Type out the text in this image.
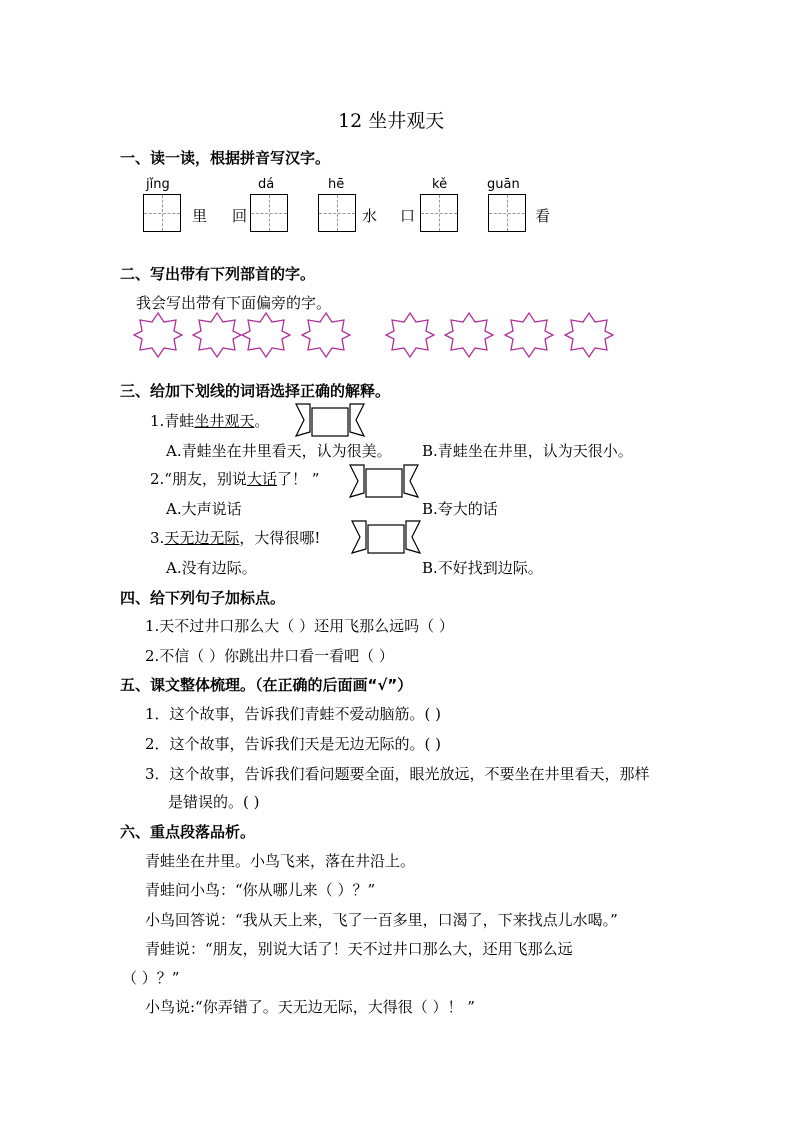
12 坐井观天
一、读一读，根据拼音写汉字。
jǐng
里 回
dá	hē
水 口
kě	guān
看
二、写出带有下列部首的字。
我会写出带有下面偏旁的字。
三、给加下划线的词语选择正确的解释。
1.青蛙坐井观天。
A.青蛙坐在井里看天，认为很美。 B.青蛙坐在井里，认为天很小。
2.“朋友，别说大话了！ ”
A.大声说话	B.夸大的话
3.天无边无际，大得很哪!
A.没有边际。	B.不好找到边际。
四、给下列句子加标点。
1.天不过井口那么大（ ）还用飞那么远吗（ ）
2.不信（ ）你跳出井口看一看吧（ ）
五、课文整体梳理。（在正确的后面画“√”）
1．这个故事，告诉我们青蛙不爱动脑筋。( )
2．这个故事，告诉我们天是无边无际的。( )
3．这个故事，告诉我们看问题要全面，眼光放远，不要坐在井里看天，那样
是错误的。( )
六、重点段落品析。
青蛙坐在井里。小鸟飞来，落在井沿上。
青蛙问小鸟：“你从哪儿来（ ）？”
小鸟回答说：“我从天上来，飞了一百多里，口渴了，下来找点儿水喝。”
青蛙说：“朋友，别说大话了！天不过井口那么大，还用飞那么远
（ ）？”
小鸟说:“你弄错了。天无边无际，大得很（ ）！ ”
